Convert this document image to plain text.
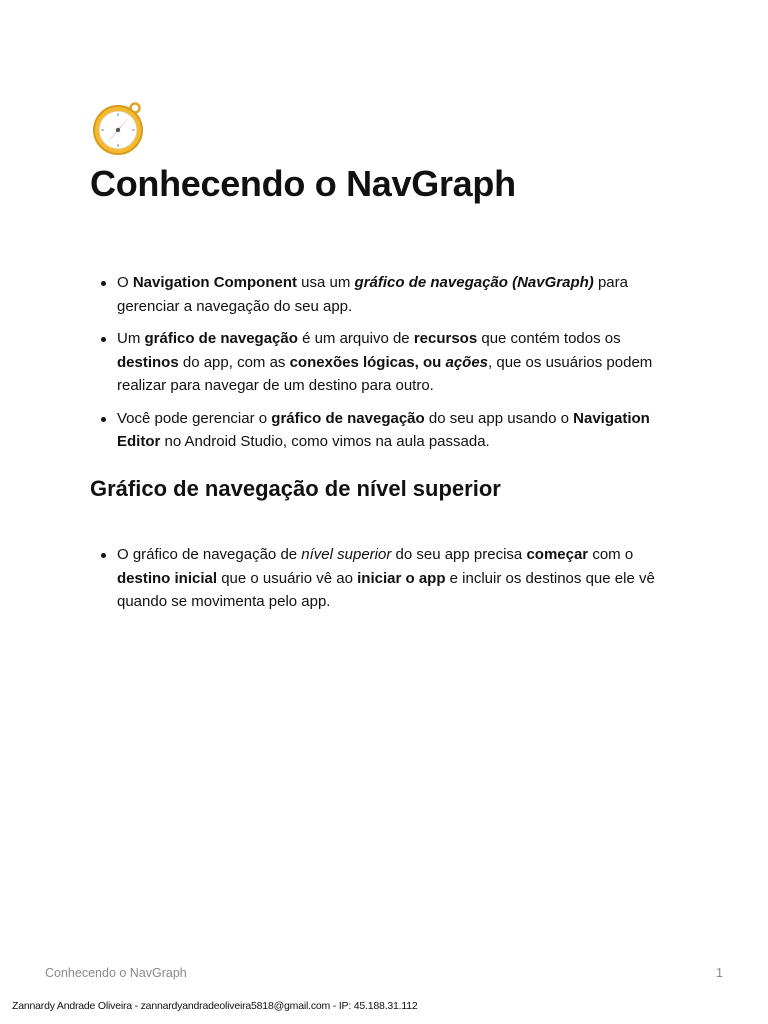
Conhecendo o NavGraph
O Navigation Component usa um gráfico de navegação (NavGraph) para gerenciar a navegação do seu app.
Um gráfico de navegação é um arquivo de recursos que contém todos os destinos do app, com as conexões lógicas, ou ações, que os usuários podem realizar para navegar de um destino para outro.
Você pode gerenciar o gráfico de navegação do seu app usando o Navigation Editor no Android Studio, como vimos na aula passada.
Gráfico de navegação de nível superior
O gráfico de navegação de nível superior do seu app precisa começar com o destino inicial que o usuário vê ao iniciar o app e incluir os destinos que ele vê quando se movimenta pelo app.
Conhecendo o NavGraph	1
Zannardy Andrade Oliveira - zannardyandradeoliveira5818@gmail.com - IP: 45.188.31.112
